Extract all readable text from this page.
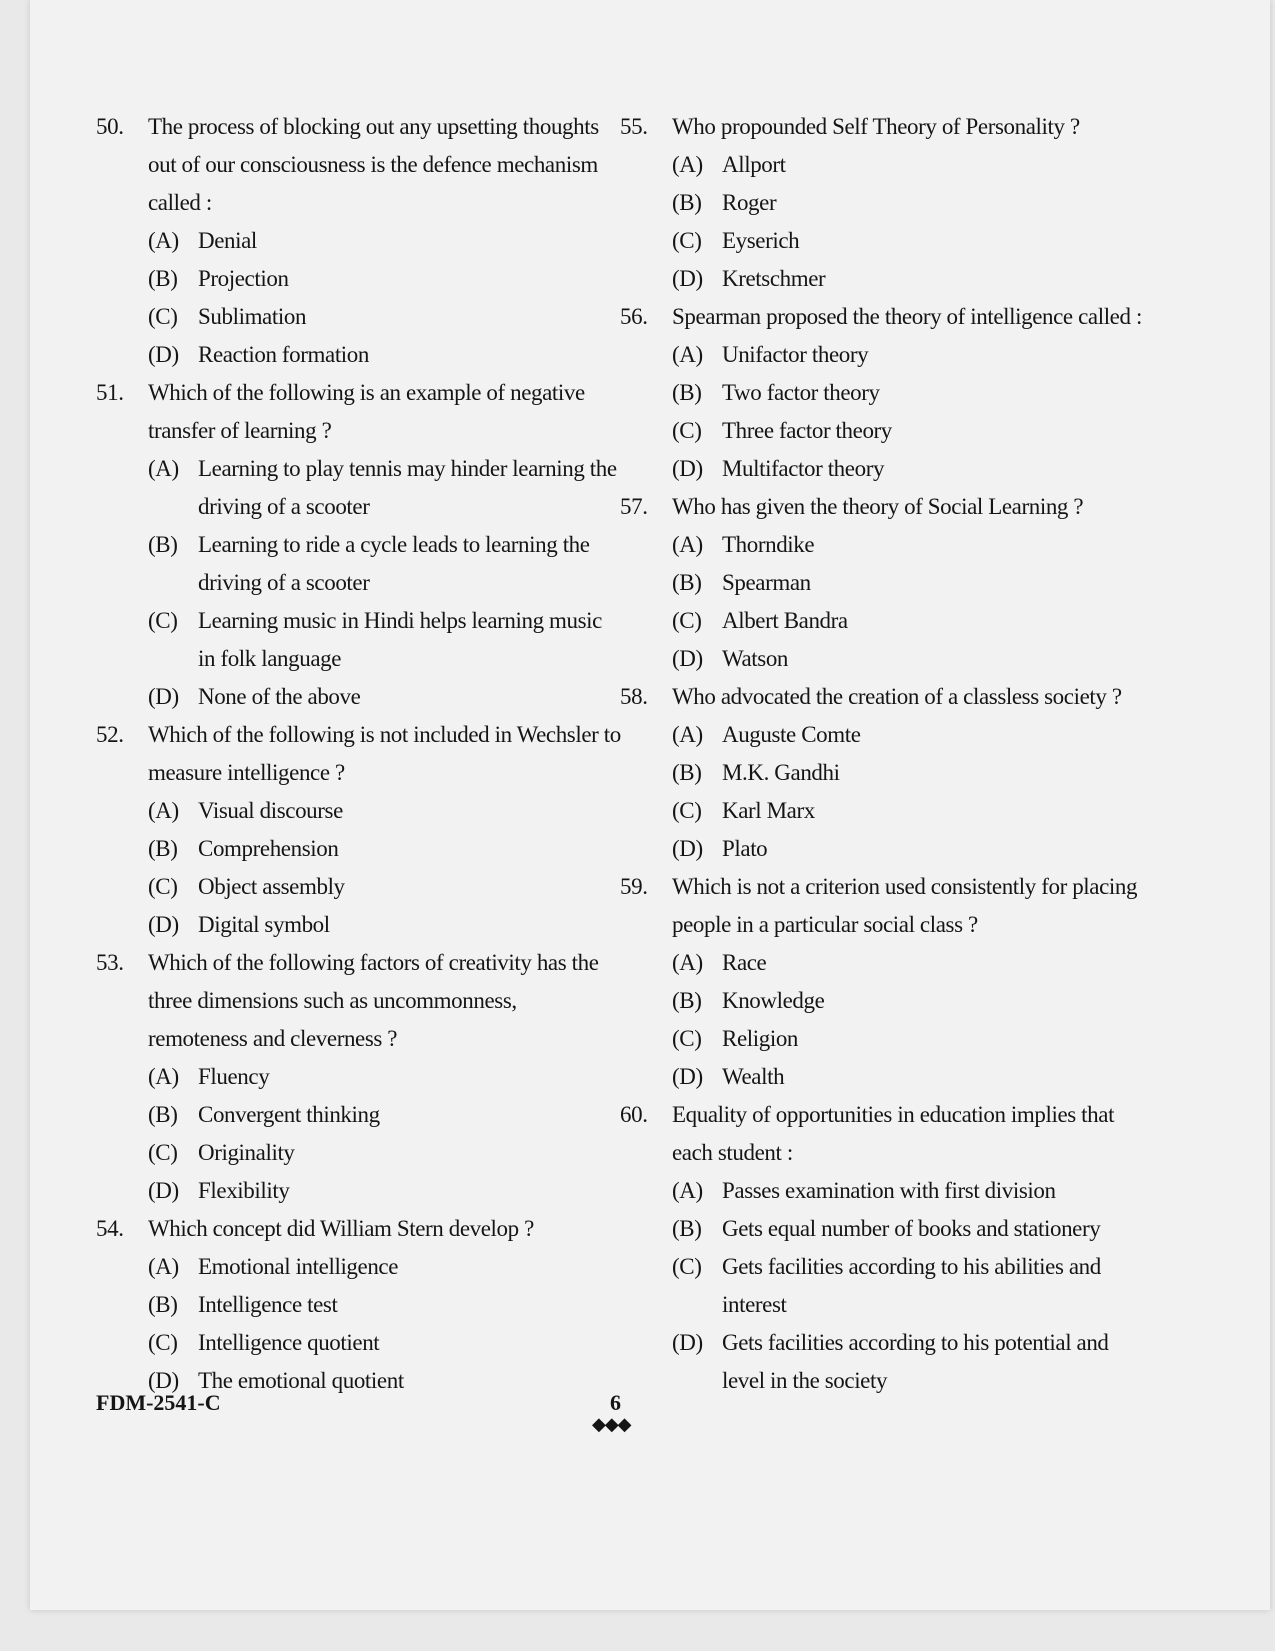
50.	The process of blocking out any upsetting thoughts out of our consciousness is the defence mechanism called :
(A) Denial
(B) Projection
(C) Sublimation
(D) Reaction formation
51.	Which of the following is an example of negative transfer of learning ?
(A) Learning to play tennis may hinder learning the driving of a scooter
(B) Learning to ride a cycle leads to learning the driving of a scooter
(C) Learning music in Hindi helps learning music in folk language
(D) None of the above
52.	Which of the following is not included in Wechsler to measure intelligence ?
(A) Visual discourse
(B) Comprehension
(C) Object assembly
(D) Digital symbol
53.	Which of the following factors of creativity has the three dimensions such as uncommonness, remoteness and cleverness ?
(A) Fluency
(B) Convergent thinking
(C) Originality
(D) Flexibility
54.	Which concept did William Stern develop ?
(A) Emotional intelligence
(B) Intelligence test
(C) Intelligence quotient
(D) The emotional quotient
55.	Who propounded Self Theory of Personality ?
(A) Allport
(B) Roger
(C) Eyserich
(D) Kretschmer
56.	Spearman proposed the theory of intelligence called :
(A) Unifactor theory
(B) Two factor theory
(C) Three factor theory
(D) Multifactor theory
57.	Who has given the theory of Social Learning ?
(A) Thorndike
(B) Spearman
(C) Albert Bandra
(D) Watson
58.	Who advocated the creation of a classless society ?
(A) Auguste Comte
(B) M.K. Gandhi
(C) Karl Marx
(D) Plato
59.	Which is not a criterion used consistently for placing people in a particular social class ?
(A) Race
(B) Knowledge
(C) Religion
(D) Wealth
60.	Equality of opportunities in education implies that each student :
(A) Passes examination with first division
(B) Gets equal number of books and stationery
(C) Gets facilities according to his abilities and interest
(D) Gets facilities according to his potential and level in the society
FDM-2541-C	6
◆◆◆
